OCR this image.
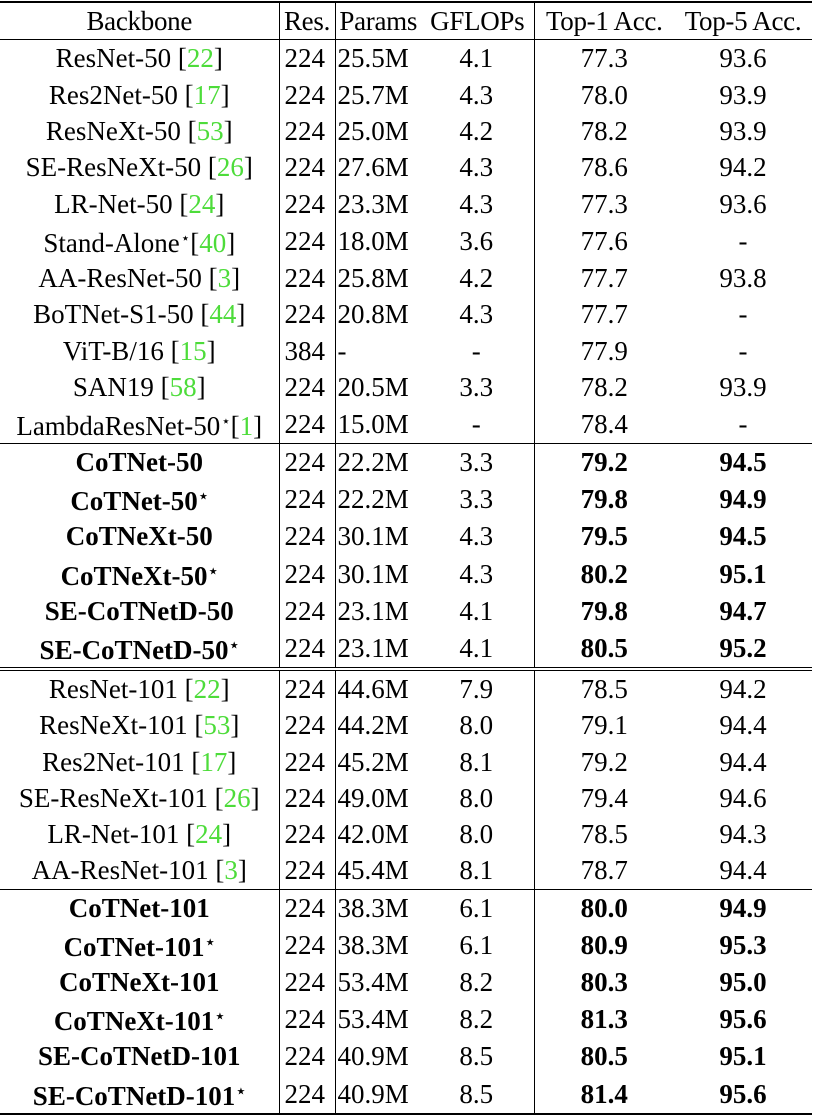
Backbone	Res.	Params	GFLOPs	Top-1 Acc.	Top-5 Acc.
ResNet-50 [22]	224	25.5M	4.1	77.3	93.6
Res2Net-50 [17]	224	25.7M	4.3	78.0	93.9
ResNeXt-50 [53]	224	25.0M	4.2	78.2	93.9
SE-ResNeXt-50 [26]	224	27.6M	4.3	78.6	94.2
LR-Net-50 [24]	224	23.3M	4.3	77.3	93.6
Stand-Alone⋆[40]	224	18.0M	3.6	77.6	-
AA-ResNet-50 [3]	224	25.8M	4.2	77.7	93.8
BoTNet-S1-50 [44]	224	20.8M	4.3	77.7	-
ViT-B/16 [15]	384	-	-	77.9	-
SAN19 [58]	224	20.5M	3.3	78.2	93.9
LambdaResNet-50⋆[1]	224	15.0M	-	78.4	-
CoTNet-50	224	22.2M	3.3	79.2	94.5
CoTNet-50⋆	224	22.2M	3.3	79.8	94.9
CoTNeXt-50	224	30.1M	4.3	79.5	94.5
CoTNeXt-50⋆	224	30.1M	4.3	80.2	95.1
SE-CoTNetD-50	224	23.1M	4.1	79.8	94.7
SE-CoTNetD-50⋆	224	23.1M	4.1	80.5	95.2
ResNet-101 [22]	224	44.6M	7.9	78.5	94.2
ResNeXt-101 [53]	224	44.2M	8.0	79.1	94.4
Res2Net-101 [17]	224	45.2M	8.1	79.2	94.4
SE-ResNeXt-101 [26]	224	49.0M	8.0	79.4	94.6
LR-Net-101 [24]	224	42.0M	8.0	78.5	94.3
AA-ResNet-101 [3]	224	45.4M	8.1	78.7	94.4
CoTNet-101	224	38.3M	6.1	80.0	94.9
CoTNet-101⋆	224	38.3M	6.1	80.9	95.3
CoTNeXt-101	224	53.4M	8.2	80.3	95.0
CoTNeXt-101⋆	224	53.4M	8.2	81.3	95.6
SE-CoTNetD-101	224	40.9M	8.5	80.5	95.1
SE-CoTNetD-101⋆	224	40.9M	8.5	81.4	95.6
